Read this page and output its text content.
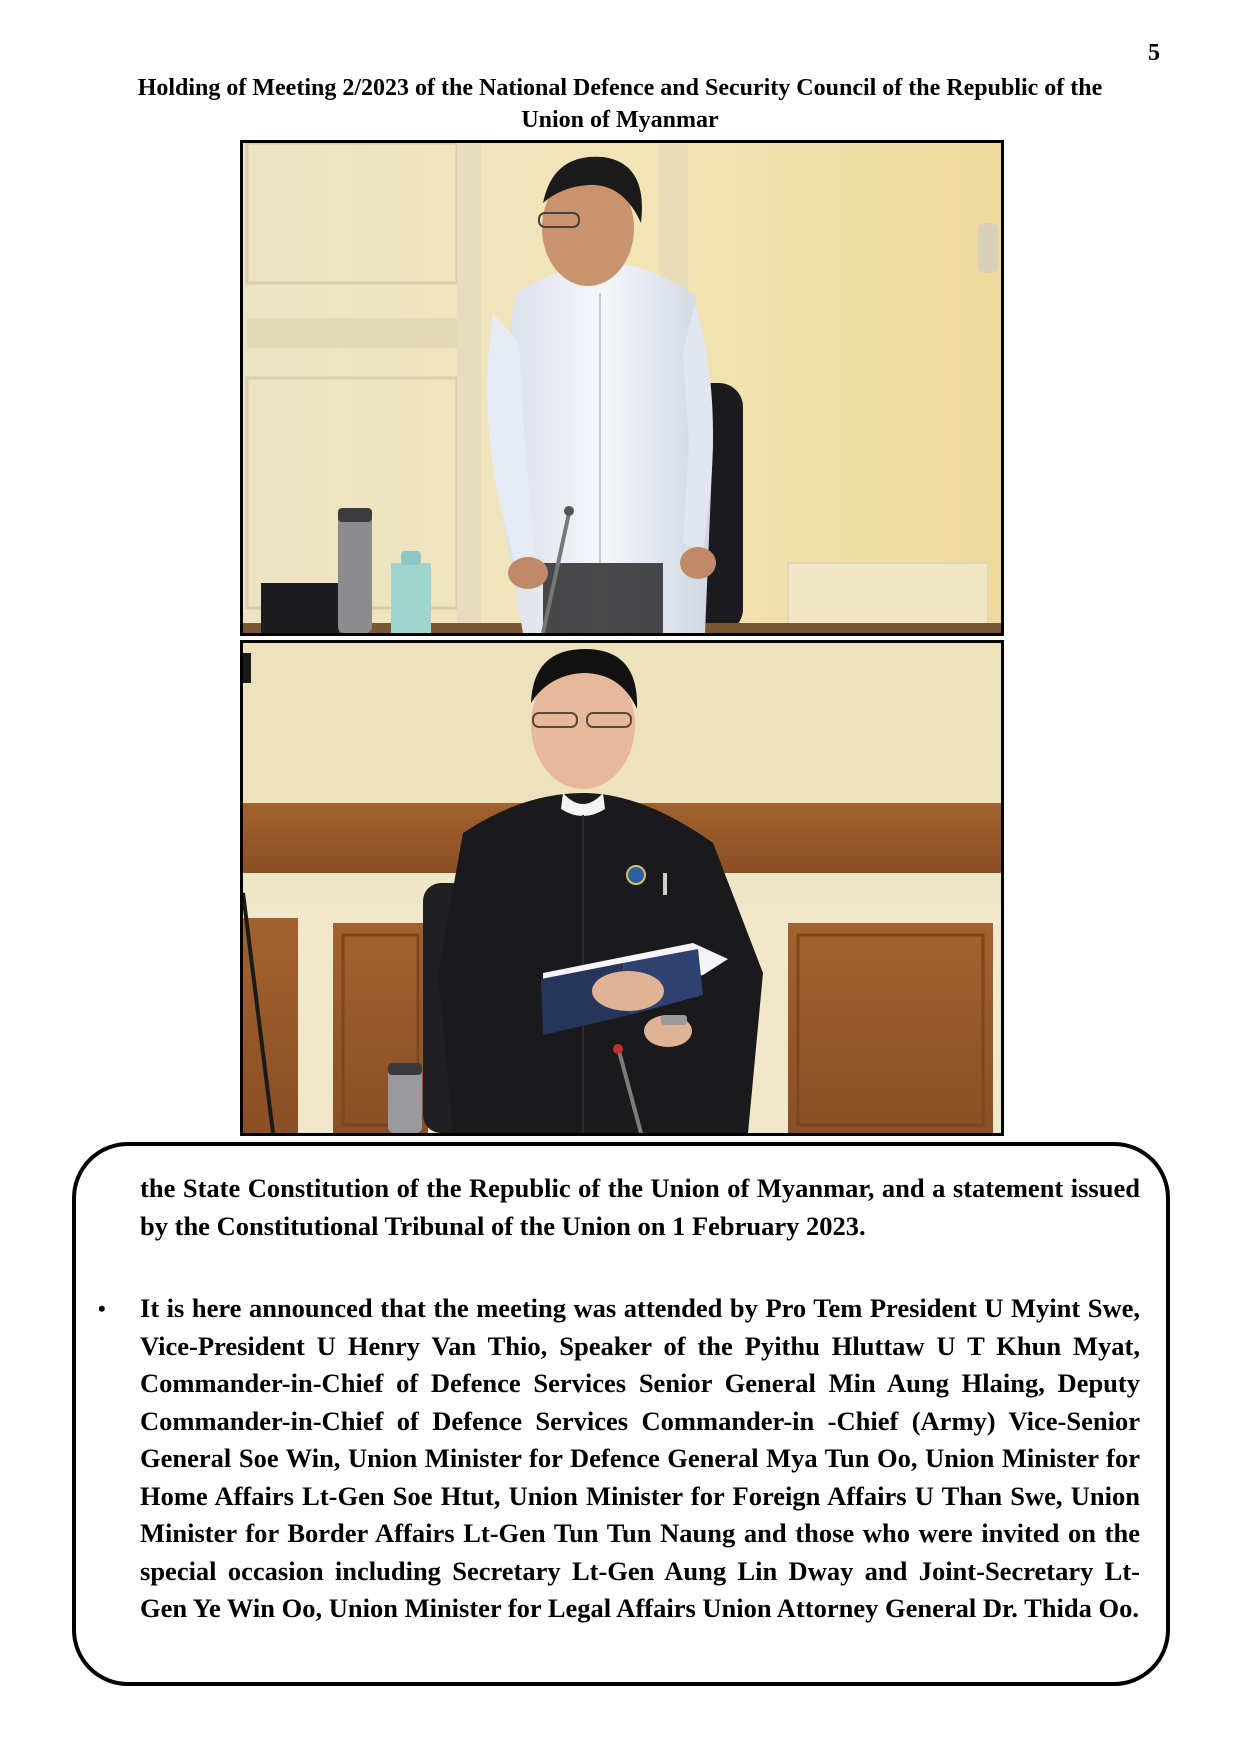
5
Holding of Meeting 2/2023 of the National Defence and Security Council of the Republic of the Union of Myanmar

the State Constitution of the Republic of the Union of Myanmar, and a statement issued by the Constitutional Tribunal of the Union on 1 February 2023.

• It is here announced that the meeting was attended by Pro Tem President U Myint Swe, Vice-President U Henry Van Thio, Speaker of the Pyithu Hluttaw U T Khun Myat, Commander-in-Chief of Defence Services Senior General Min Aung Hlaing, Deputy Commander-in-Chief of Defence Services Commander-in -Chief (Army) Vice-Senior General Soe Win, Union Minister for Defence General Mya Tun Oo, Union Minister for Home Affairs Lt-Gen Soe Htut, Union Minister for Foreign Affairs U Than Swe, Union Minister for Border Affairs Lt-Gen Tun Tun Naung and those who were invited on the special occasion including Secretary Lt-Gen Aung Lin Dway and Joint-Secretary Lt-Gen Ye Win Oo, Union Minister for Legal Affairs Union Attorney General Dr. Thida Oo.
